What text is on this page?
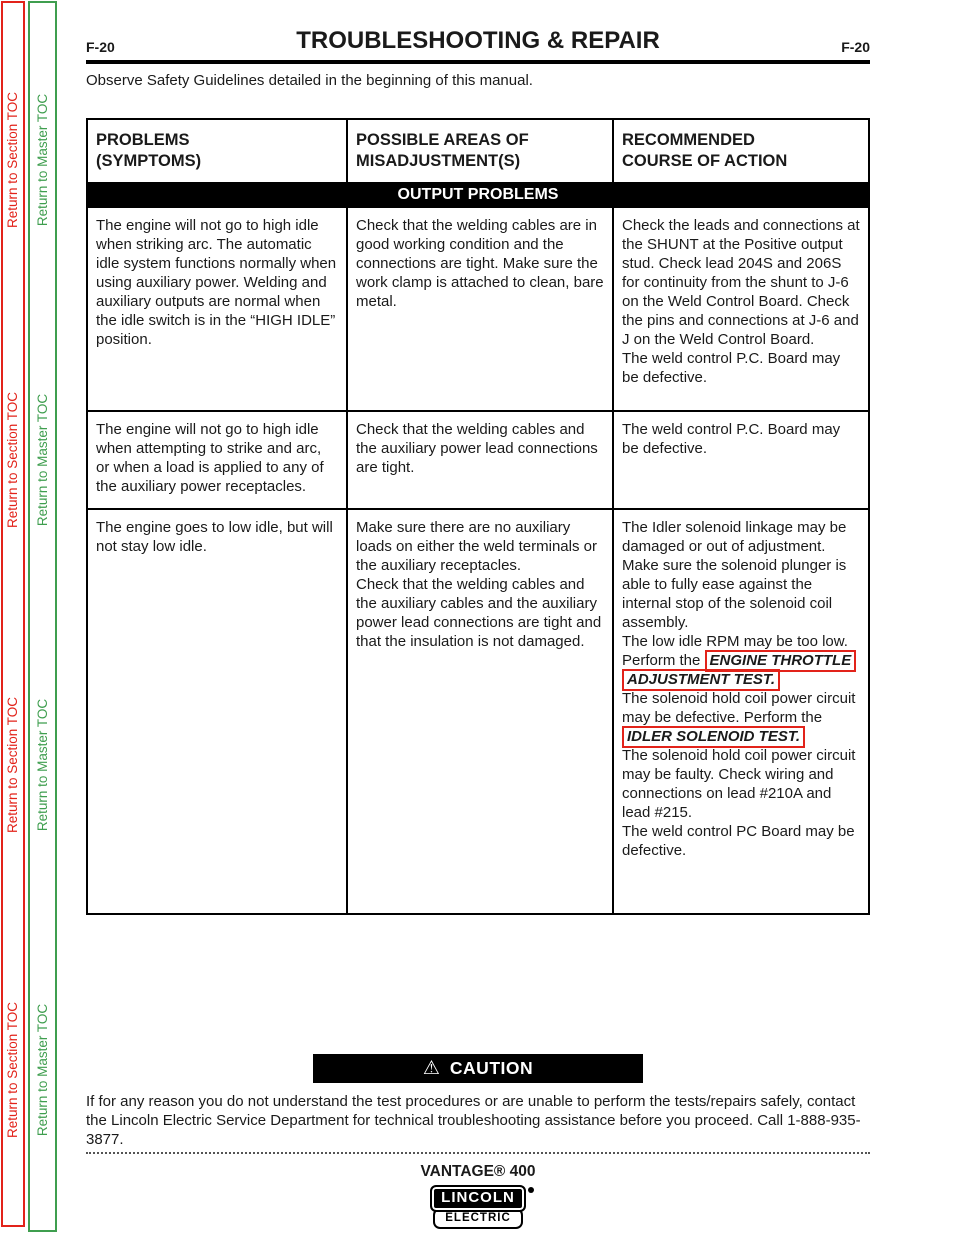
Return to Section TOC Return to Master TOC
Return to Section TOC Return to Master TOC
Return to Section TOC Return to Master TOC
Return to Section TOC Return to Master TOC
F-20	TROUBLESHOOTING & REPAIR	F-20

Observe Safety Guidelines detailed in the beginning of this manual.

PROBLEMS
(SYMPTOMS)
POSSIBLE AREAS OF
MISADJUSTMENT(S)
RECOMMENDED
COURSE OF ACTION
OUTPUT PROBLEMS

The engine will not go to high idle when striking arc. The automatic idle system functions normally when using auxiliary power. Welding and auxiliary outputs are normal when the idle switch is in the “HIGH IDLE” position.

Check that the welding cables are in good working condition and the connections are tight. Make sure the work clamp is attached to clean, bare metal.

Check the leads and connections at the SHUNT at the Positive output stud. Check lead 204S and 206S for continuity from the shunt to J-6 on the Weld Control Board. Check the pins and connections at J-6 and J on the Weld Control Board.

The weld control P.C. Board may be defective.

The engine will not go to high idle when attempting to strike and arc, or when a load is applied to any of the auxiliary power receptacles.

Check that the welding cables and the auxiliary power lead connections are tight.

The weld control P.C. Board may be defective.

The engine goes to low idle, but will not stay low idle.

Make sure there are no auxiliary loads on either the weld terminals or the auxiliary receptacles.

Check that the welding cables and the auxiliary cables and the auxiliary power lead connections are tight and that the insulation is not damaged.

The Idler solenoid linkage may be damaged or out of adjustment.

Make sure the solenoid plunger is able to fully ease against the internal stop of the solenoid coil assembly.

The low idle RPM may be too low. Perform the ENGINE THROTTLE ADJUSTMENT TEST.

The solenoid hold coil power circuit may be defective. Perform the IDLER SOLENOID TEST.

The solenoid hold coil power circuit may be faulty. Check wiring and connections on lead #210A and lead #215.

The weld control PC Board may be defective.

⚠ CAUTION

If for any reason you do not understand the test procedures or are unable to perform the tests/repairs safely, contact the Lincoln Electric Service Department for technical troubleshooting assistance before you proceed. Call 1-888-935-3877.

VANTAGE® 400
LINCOLN

ELECTRIC
